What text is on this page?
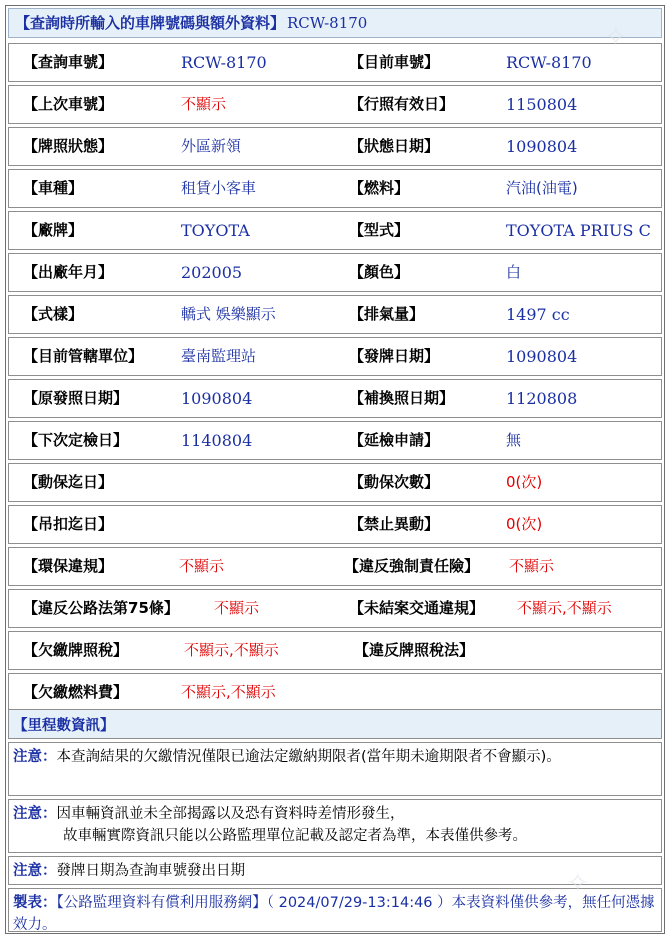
【查詢時所輸入的車牌號碼與額外資料】 RCW-8170
【查詢車號】	RCW-8170	【目前車號】	RCW-8170
【上次車號】	不顯示	【行照有效日】	1150804
【牌照狀態】	外區新領	【狀態日期】	1090804
【車種】	租賃小客車	【燃料】	汽油(油電)
【廠牌】	TOYOTA	【型式】	TOYOTA PRIUS C
【出廠年月】	202005	【顏色】	白
【式樣】	轎式 娛樂顯示	【排氣量】	1497 cc
【目前管轄單位】	臺南監理站	【發牌日期】	1090804
【原發照日期】	1090804	【補換照日期】	1120808
【下次定檢日】	1140804	【延檢申請】	無
【動保迄日】	【動保次數】	0(次)
【吊扣迄日】	【禁止異動】	0(次)
【環保違規】	不顯示	【違反強制責任險】 不顯示
【違反公路法第75條】 不顯示	【未結案交通違規】 不顯示,不顯示
【欠繳牌照稅】	不顯示,不顯示	【違反牌照稅法】
【欠繳燃料費】	不顯示,不顯示
【里程數資訊】
注意：本查詢結果的欠繳情況僅限已逾法定繳納期限者(當年期未逾期限者不會顯示)。
注意：因車輛資訊並未全部揭露以及恐有資料時差情形發生，
故車輛實際資訊只能以公路監理單位記載及認定者為準，本表僅供參考。
注意：發牌日期為查詢車號發出日期
製表：【公路監理資料有償利用服務網】（ 2024/07/29-13:14:46 ）本表資料僅供參考，無任何憑據效力。
✧
✧
